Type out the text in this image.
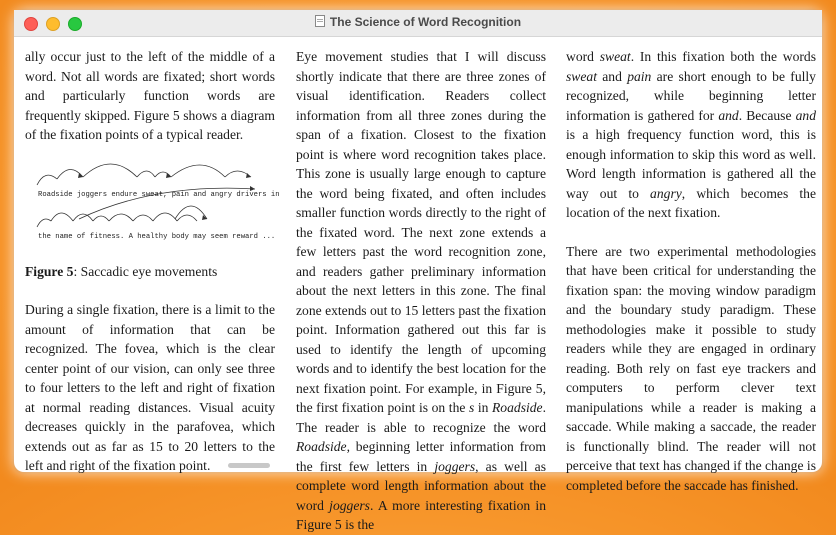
The Science of Word Recognition

ally occur just to the left of the middle of a word. Not all words are fixated; short words and particularly function words are frequently skipped. Figure 5 shows a diagram of the fixation points of a typical reader.

Roadside joggers endure sweat, pain and angry drivers in
the name of fitness. A healthy body may seem reward ...
Figure 5: Saccadic eye movements

During a single fixation, there is a limit to the amount of information that can be recognized. The fovea, which is the clear center point of our vision, can only see three to four letters to the left and right of fixation at normal reading distances. Visual acuity decreases quickly in the parafovea, which extends out as far as 15 to 20 letters to the left and right of the fixation point.

Eye movement studies that I will discuss shortly indicate that there are three zones of visual identification. Readers collect information from all three zones during the span of a fixation. Closest to the fixation point is where word recognition takes place. This zone is usually large enough to capture the word being fixated, and often includes smaller function words directly to the right of the fixated word. The next zone extends a few letters past the word recognition zone, and readers gather preliminary information about the next letters in this zone. The final zone extends out to 15 letters past the fixation point. Information gathered out this far is used to identify the length of upcoming words and to identify the best location for the next fixation point. For example, in Figure 5, the first fixation point is on the s in Roadside. The reader is able to recognize the word Roadside, beginning letter information from the first few letters in joggers, as well as complete word length information about the word joggers. A more interesting fixation in Figure 5 is the

word sweat. In this fixation both the words sweat and pain are short enough to be fully recognized, while beginning letter information is gathered for and. Because and is a high frequency function word, this is enough information to skip this word as well. Word length information is gathered all the way out to angry, which becomes the location of the next fixation.

There are two experimental methodologies that have been critical for understanding the fixation span: the moving window paradigm and the boundary study paradigm. These methodologies make it possible to study readers while they are engaged in ordinary reading. Both rely on fast eye trackers and computers to perform clever text manipulations while a reader is making a saccade. While making a saccade, the reader is functionally blind. The reader will not perceive that text has changed if the change is completed before the saccade has finished.
